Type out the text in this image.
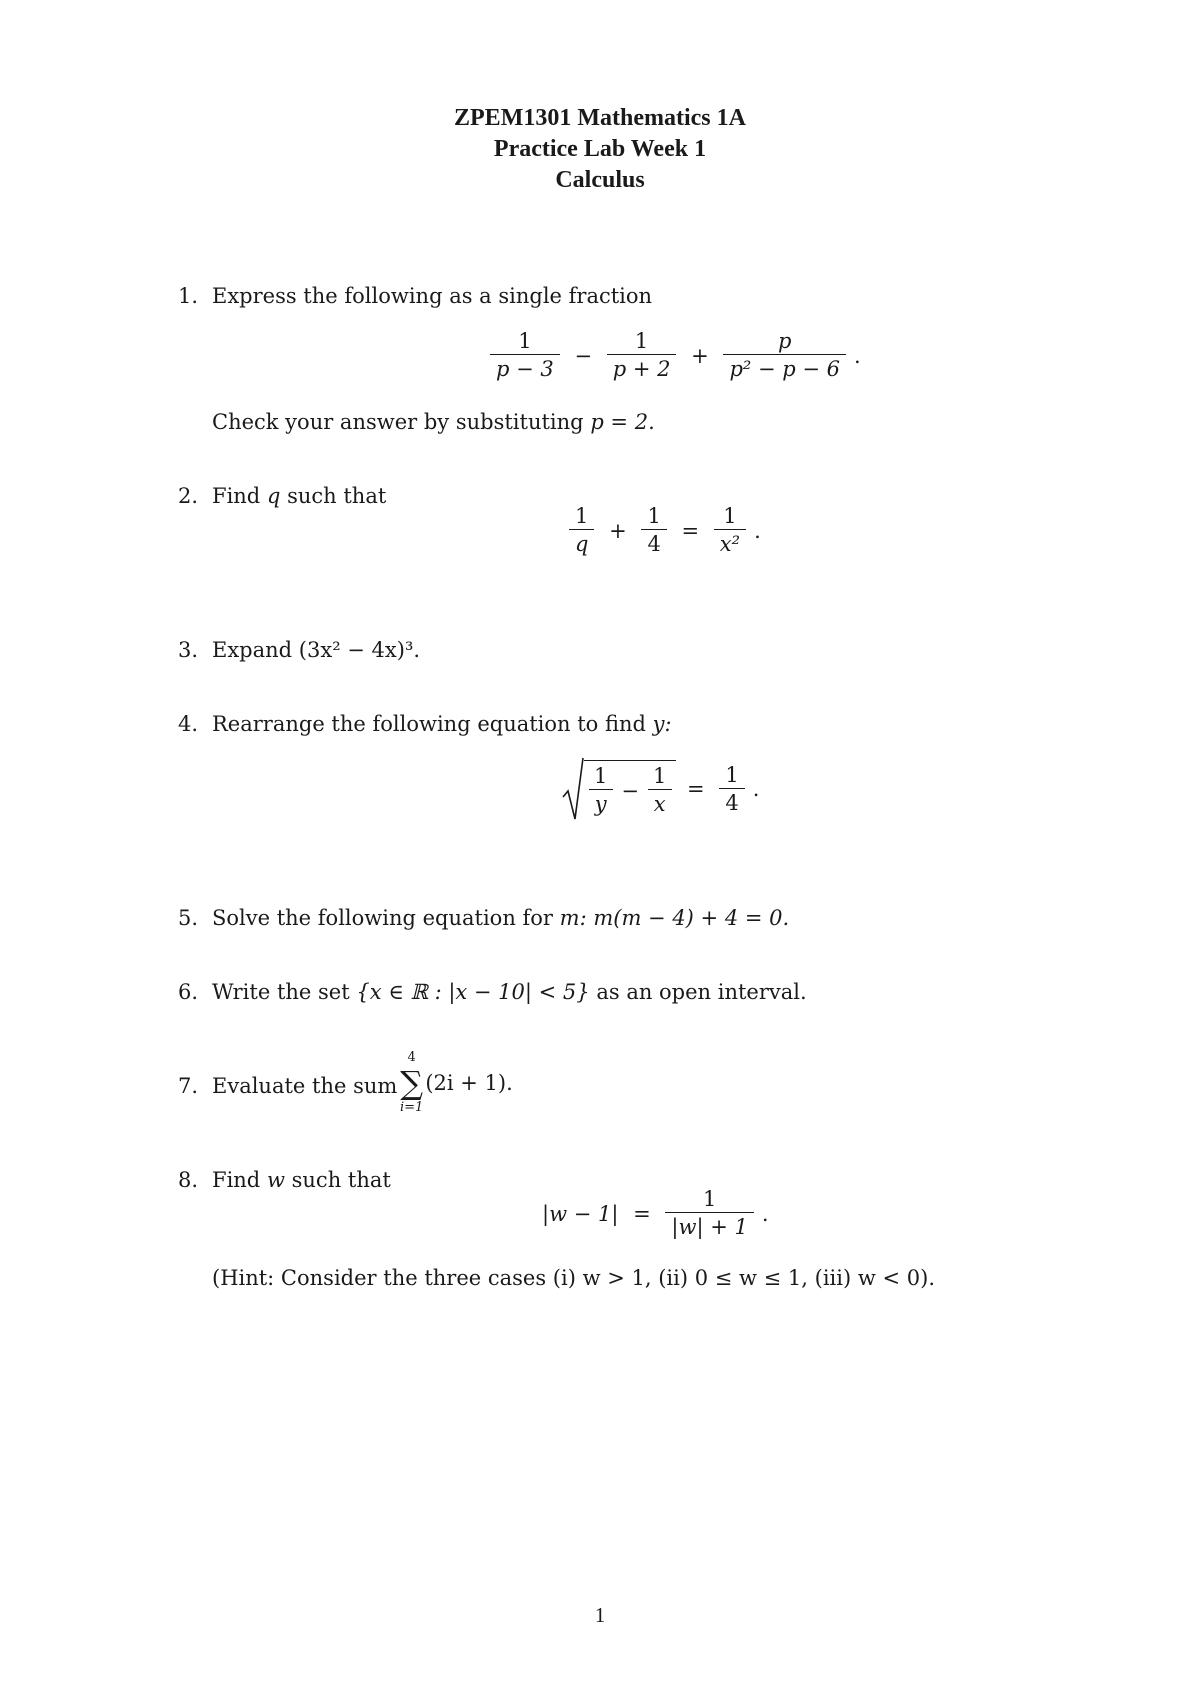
ZPEM1301 Mathematics 1A
Practice Lab Week 1
Calculus
1. Express the following as a single fraction
$\frac{1}{p - 3} - \frac{1}{p + 2} + \frac{p}{\text{p² − p − 6}}$ .
Check your answer by substituting p = 2.
2. Find q such that
$\frac{1}{q} + \frac{1}{4} = \frac{1}{\text{x²}}$ .
3. Expand (3x² − 4x)³.
4. Rearrange the following equation to find y:
$\frac{1}{y} - \frac{1}{x} = \frac{1}{4}$ .
5. Solve the following equation for m: m(m − 4) + 4 = 0.
6. Write the set {x ∈ ℝ : |x − 10| < 5} as an open interval.
7. Evaluate the sum
4
∑
i=1
(2i + 1).
8. Find w such that
$|w - 1| = \frac{1}{|w| + 1}$ .
(Hint: Consider the three cases (i) w > 1, (ii) 0 ≤ w ≤ 1, (iii) w < 0).
1
